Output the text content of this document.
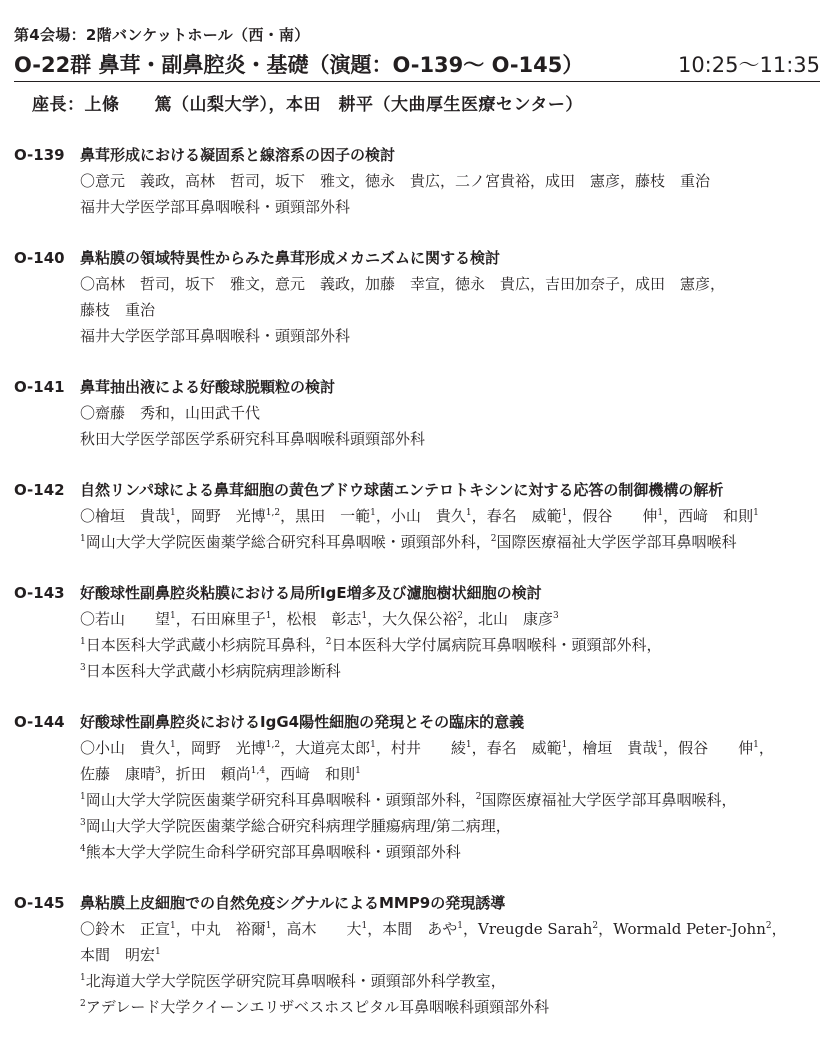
第4会場：2階バンケットホール（西・南）
O-22群 鼻茸・副鼻腔炎・基礎（演題：O-139〜 O-145）	10:25〜11:35
座長：上條　　篤（山梨大学），本田　耕平（大曲厚生医療センター）
O-139	鼻茸形成における凝固系と線溶系の因子の検討
〇意元　義政，高林　哲司，坂下　雅文，徳永　貴広，二ノ宮貴裕，成田　憲彦，藤枝　重治
福井大学医学部耳鼻咽喉科・頭頸部外科
O-140	鼻粘膜の領域特異性からみた鼻茸形成メカニズムに関する検討
〇高林　哲司，坂下　雅文，意元　義政，加藤　幸宣，徳永　貴広，吉田加奈子，成田　憲彦，
藤枝　重治
福井大学医学部耳鼻咽喉科・頭頸部外科
O-141	鼻茸抽出液による好酸球脱顆粒の検討
〇齋藤　秀和，山田武千代
秋田大学医学部医学系研究科耳鼻咽喉科頭頸部外科
O-142	自然リンパ球による鼻茸細胞の黄色ブドウ球菌エンテロトキシンに対する応答の制御機構の解析
〇檜垣　貴哉$^1$，岡野　光博$^{1,2}$，黒田　一範$^1$，小山　貴久$^1$，春名　威範$^1$，假谷　　伸$^1$，西﨑　和則$^1$
$^1$岡山大学大学院医歯薬学総合研究科耳鼻咽喉・頭頸部外科，$^2$国際医療福祉大学医学部耳鼻咽喉科
O-143	好酸球性副鼻腔炎粘膜における局所IgE増多及び濾胞樹状細胞の検討
〇若山　　望$^1$，石田麻里子$^1$，松根　彰志$^1$，大久保公裕$^2$，北山　康彦$^3$
$^1$日本医科大学武蔵小杉病院耳鼻科，$^2$日本医科大学付属病院耳鼻咽喉科・頭頸部外科，
$^3$日本医科大学武蔵小杉病院病理診断科
O-144	好酸球性副鼻腔炎におけるIgG4陽性細胞の発現とその臨床的意義
〇小山　貴久$^1$，岡野　光博$^{1,2}$，大道亮太郎$^1$，村井　　綾$^1$，春名　威範$^1$，檜垣　貴哉$^1$，假谷　　伸$^1$，
佐藤　康晴$^3$，折田　頼尚$^{1,4}$，西﨑　和則$^1$
$^1$岡山大学大学院医歯薬学研究科耳鼻咽喉科・頭頸部外科，$^2$国際医療福祉大学医学部耳鼻咽喉科，
$^3$岡山大学大学院医歯薬学総合研究科病理学腫瘍病理/第二病理，
$^4$熊本大学大学院生命科学研究部耳鼻咽喉科・頭頸部外科
O-145	鼻粘膜上皮細胞での自然免疫シグナルによるMMP9の発現誘導
〇鈴木　正宣$^1$，中丸　裕爾$^1$，高木　　大$^1$，本間　あや$^1$，Vreugde Sarah$^2$，Wormald Peter-John$^2$，
本間　明宏$^1$
$^1$北海道大学大学院医学研究院耳鼻咽喉科・頭頸部外科学教室，
$^2$アデレード大学クイーンエリザベスホスピタル耳鼻咽喉科頭頸部外科
